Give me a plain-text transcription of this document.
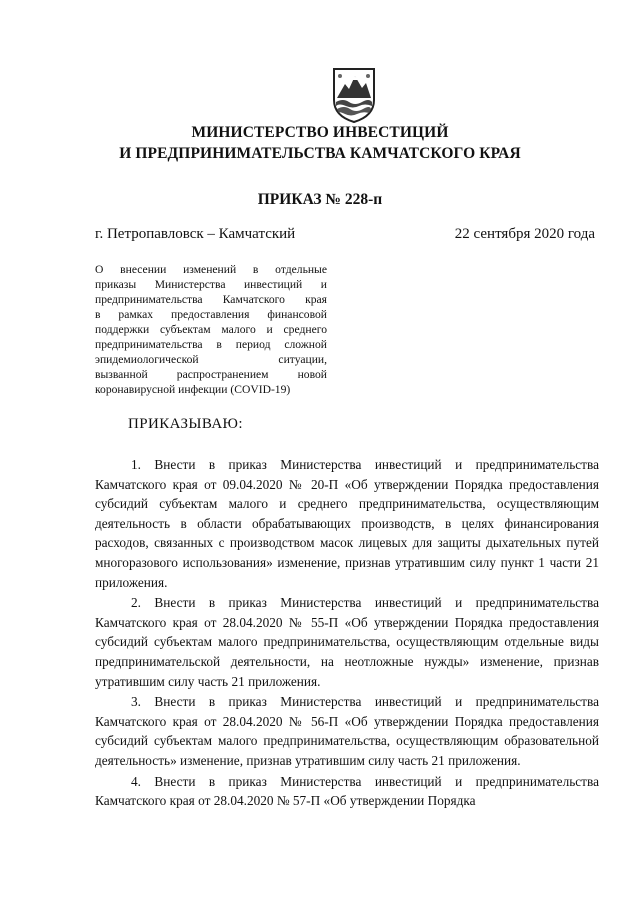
МИНИСТЕРСТВО ИНВЕСТИЦИЙ
И ПРЕДПРИНИМАТЕЛЬСТВА КАМЧАТСКОГО КРАЯ
ПРИКАЗ № 228-п
г. Петропавловск – Камчатский	22 сентября 2020 года
О внесении изменений в отдельные
приказы Министерства инвестиций и
предпринимательства Камчатского края
в рамках предоставления финансовой
поддержки субъектам малого и среднего
предпринимательства в период сложной
эпидемиологической ситуации,
вызванной распространением новой
коронавирусной инфекции (COVID-19)
ПРИКАЗЫВАЮ:

1. Внести в приказ Министерства инвестиций и предпринимательства Камчатского края от 09.04.2020 № 20-П «Об утверждении Порядка предоставления субсидий субъектам малого и среднего предпринимательства, осуществляющим деятельность в области обрабатывающих производств, в целях финансирования расходов, связанных с производством масок лицевых для защиты дыхательных путей многоразового использования» изменение, признав утратившим силу пункт 1 части 21 приложения.

2. Внести в приказ Министерства инвестиций и предпринимательства Камчатского края от 28.04.2020 № 55-П «Об утверждении Порядка предоставления субсидий субъектам малого предпринимательства, осуществляющим отдельные виды предпринимательской деятельности, на неотложные нужды» изменение, признав утратившим силу часть 21 приложения.

3. Внести в приказ Министерства инвестиций и предпринимательства Камчатского края от 28.04.2020 № 56-П «Об утверждении Порядка предоставления субсидий субъектам малого предпринимательства, осуществляющим образовательной деятельность» изменение, признав утратившим силу часть 21 приложения.

4. Внести в приказ Министерства инвестиций и предпринимательства Камчатского края от 28.04.2020 № 57-П «Об утверждении Порядка
